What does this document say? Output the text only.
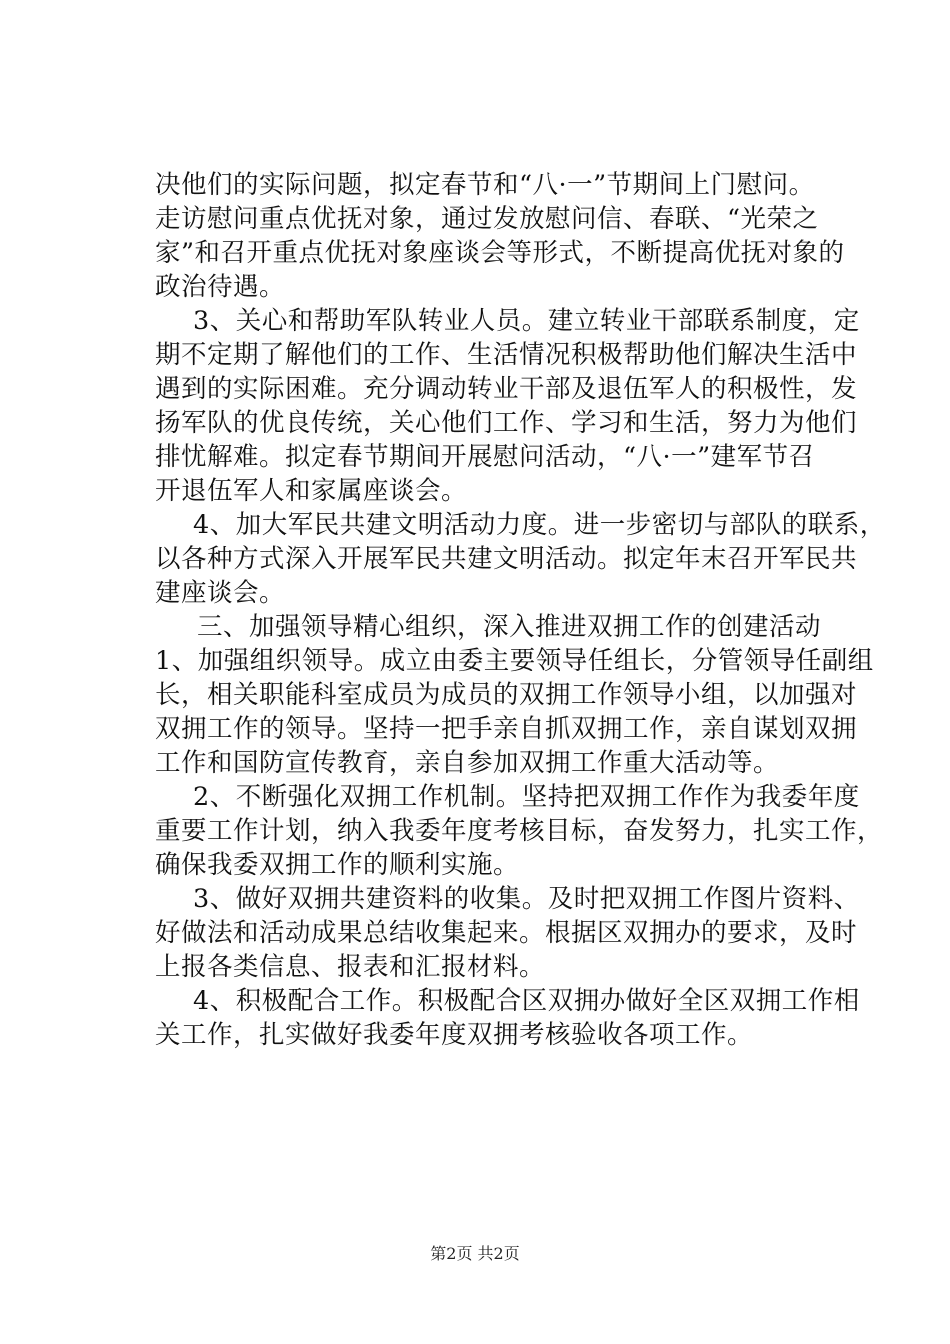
决他们的实际问题，拟定春节和“八·一”节期间上门慰问。
走访慰问重点优抚对象，通过发放慰问信、春联、“光荣之
家”和召开重点优抚对象座谈会等形式，不断提高优抚对象的
政治待遇。
3、关心和帮助军队转业人员。建立转业干部联系制度，定
期不定期了解他们的工作、生活情况积极帮助他们解决生活中
遇到的实际困难。充分调动转业干部及退伍军人的积极性，发
扬军队的优良传统，关心他们工作、学习和生活，努力为他们
排忧解难。拟定春节期间开展慰问活动，“八·一”建军节召
开退伍军人和家属座谈会。
4、加大军民共建文明活动力度。进一步密切与部队的联系，
以各种方式深入开展军民共建文明活动。拟定年末召开军民共
建座谈会。
三、加强领导精心组织，深入推进双拥工作的创建活动
1、加强组织领导。成立由委主要领导任组长，分管领导任副组
长，相关职能科室成员为成员的双拥工作领导小组，以加强对
双拥工作的领导。坚持一把手亲自抓双拥工作，亲自谋划双拥
工作和国防宣传教育，亲自参加双拥工作重大活动等。
2、不断强化双拥工作机制。坚持把双拥工作作为我委年度
重要工作计划，纳入我委年度考核目标，奋发努力，扎实工作，
确保我委双拥工作的顺利实施。
3、做好双拥共建资料的收集。及时把双拥工作图片资料、
好做法和活动成果总结收集起来。根据区双拥办的要求，及时
上报各类信息、报表和汇报材料。
4、积极配合工作。积极配合区双拥办做好全区双拥工作相
关工作，扎实做好我委年度双拥考核验收各项工作。
第2页 共2页
